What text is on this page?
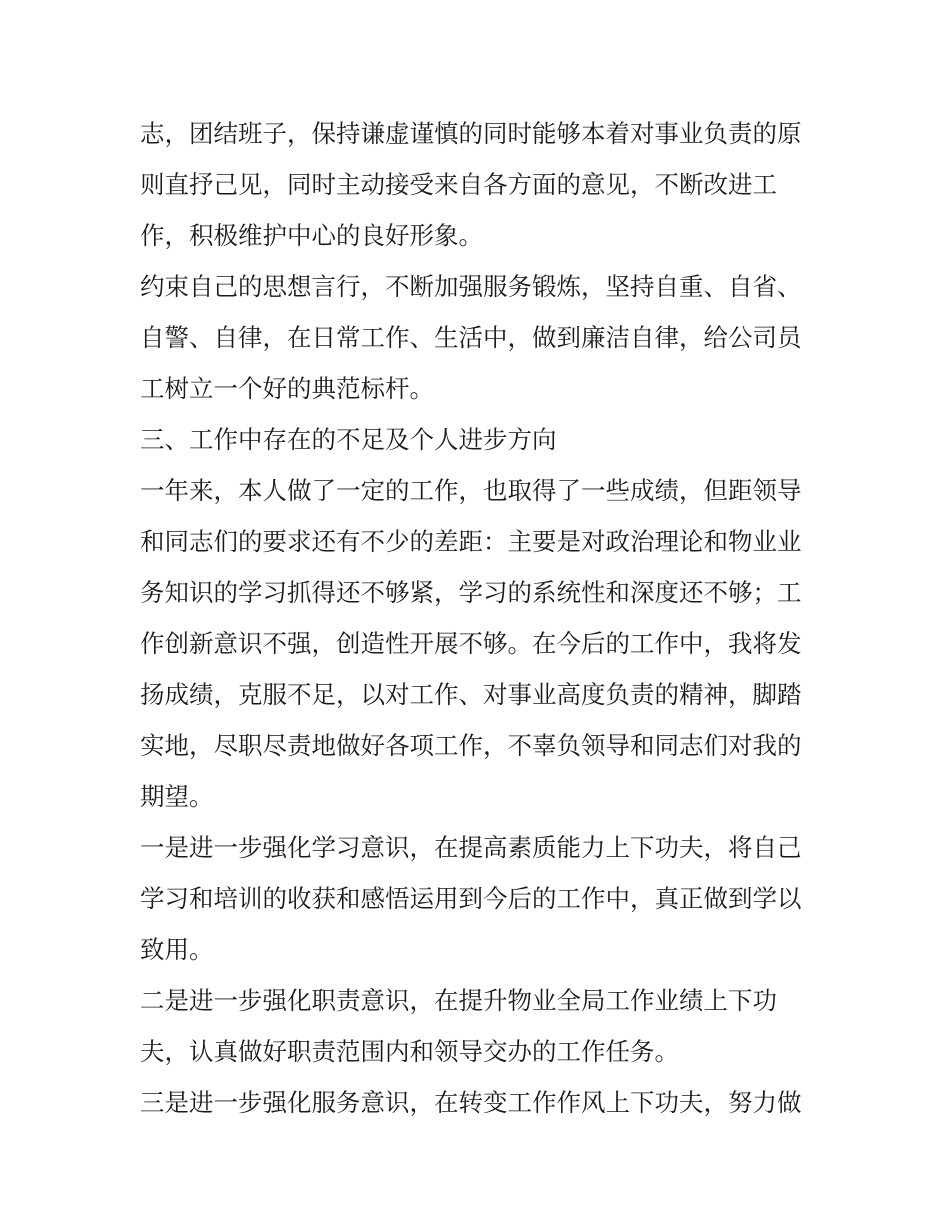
志，团结班子，保持谦虚谨慎的同时能够本着对事业负责的原
则直抒己见，同时主动接受来自各方面的意见，不断改进工
作，积极维护中心的良好形象。
约束自己的思想言行，不断加强服务锻炼，坚持自重、自省、
自警、自律，在日常工作、生活中，做到廉洁自律，给公司员
工树立一个好的典范标杆。
三、工作中存在的不足及个人进步方向
一年来，本人做了一定的工作，也取得了一些成绩，但距领导
和同志们的要求还有不少的差距：主要是对政治理论和物业业
务知识的学习抓得还不够紧，学习的系统性和深度还不够；工
作创新意识不强，创造性开展不够。在今后的工作中，我将发
扬成绩，克服不足，以对工作、对事业高度负责的精神，脚踏
实地，尽职尽责地做好各项工作，不辜负领导和同志们对我的
期望。
一是进一步强化学习意识，在提高素质能力上下功夫，将自己
学习和培训的收获和感悟运用到今后的工作中，真正做到学以
致用。
二是进一步强化职责意识，在提升物业全局工作业绩上下功
夫，认真做好职责范围内和领导交办的工作任务。
三是进一步强化服务意识，在转变工作作风上下功夫，努力做
